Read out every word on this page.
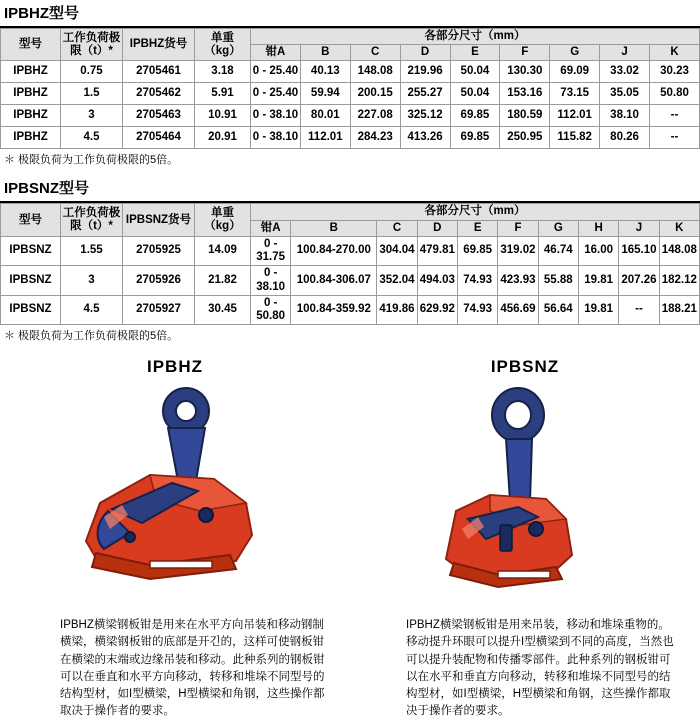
IPBHZ型号
型号	工作负荷极限（t）*	IPBHZ货号	单重（kg）	各部分尺寸（mm）								
				钳A	B	C	D	E	F	G	J	K
IPBHZ	0.75	2705461	3.18	0 - 25.40	40.13	148.08	219.96	50.04	130.30	69.09	33.02	30.23
IPBHZ	1.5	2705462	5.91	0 - 25.40	59.94	200.15	255.27	50.04	153.16	73.15	35.05	50.80
IPBHZ	3	2705463	10.91	0 - 38.10	80.01	227.08	325.12	69.85	180.59	112.01	38.10	--
IPBHZ	4.5	2705464	20.91	0 - 38.10	112.01	284.23	413.26	69.85	250.95	115.82	80.26	--
＊ 极限负荷为工作负荷极限的5倍。
IPBSNZ型号
型号	工作负荷极限（t）*	IPBSNZ货号	单重（kg）	各部分尺寸（mm）									
				钳A	B	C	D	E	F	G	H	J	K
IPBSNZ	1.55	2705925	14.09	0 - 31.75	100.84-270.00	304.04	479.81	69.85	319.02	46.74	16.00	165.10	148.08
IPBSNZ	3	2705926	21.82	0 - 38.10	100.84-306.07	352.04	494.03	74.93	423.93	55.88	19.81	207.26	182.12
IPBSNZ	4.5	2705927	30.45	0 - 50.80	100.84-359.92	419.86	629.92	74.93	456.69	56.64	19.81	--	188.21
＊ 极限负荷为工作负荷极限的5倍。
IPBHZ
IPBHZ横梁钢板钳是用来在水平方向吊装和移动钢制横梁，横梁钢板钳的底部是开긴的，这样可使钢板钳在横梁的末端或边缘吊装和移动。此种系列的钢板钳可以在垂直和水平方向移动，转移和堆垛不同型号的结构型材，如I型横梁，H型横梁和角钢，这些操作都取决于操作者的要求。
IPBSNZ
IPBHZ横梁钢板钳是用来吊装，移动和堆垛重物的。移动提升环眼可以提升I型横梁到不同的高度，当然也可以提升装配物和传播零部件。此种系列的钢板钳可以在水平和垂直方向移动，转移和堆垛不同型号的结构型材，如I型横梁，H型横梁和角钢，这些操作都取决于操作者的要求。
